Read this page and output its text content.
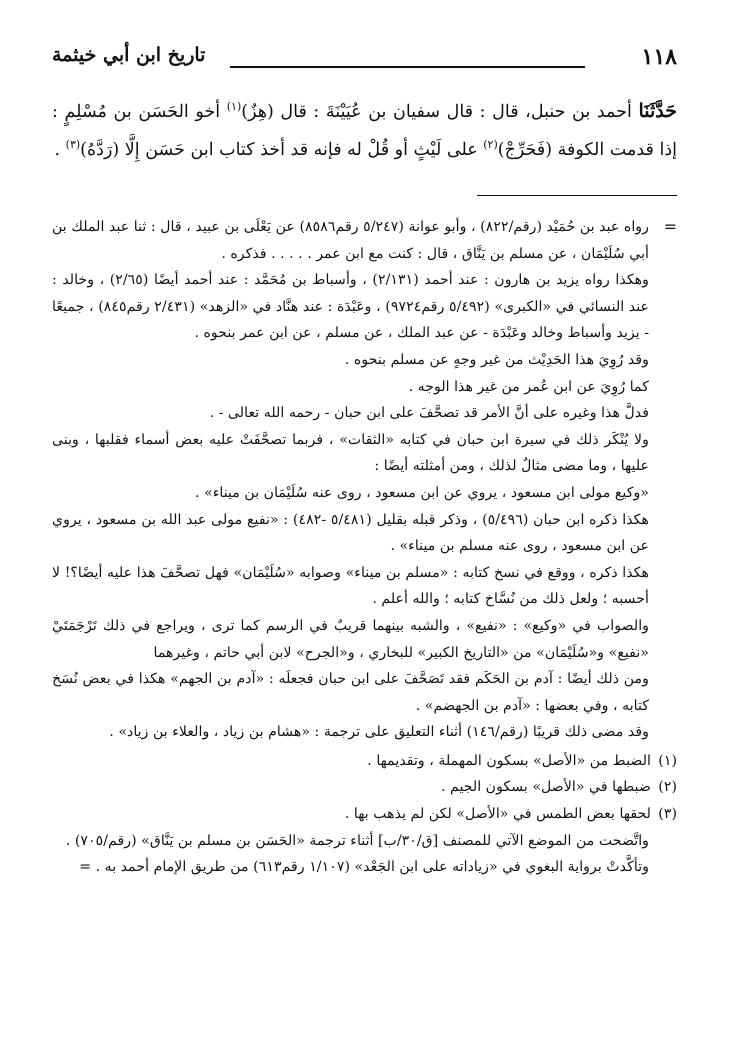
١١٨
تاريخ ابن أبي خيثمة
حَدَّثَنَا أحمد بن حنبل، قال : قال سفيان بن عُيَيْنَةَ : قال (هِزٌ)$^{(١)}$ أخو الحَسَن بن مُسْلِمٍ : إذا قدمت الكوفة (فَحَرِّجْ)$^{(٢)}$ على لَيْثٍ أو قُلْ له فإنه قد أخذ كتاب ابن حَسَن إِلَّا (رَدَّهُ)$^{(٣)}$ .
=

رواه عبد بن حُمَيْد (رقم/٨٢٢) ، وأبو عوانة (٥/٢٤٧ رقم٨٥٨٦) عن يَعْلَى بن عبيد ، قال : ثنا عبد الملك بن أبي سُلَيْمَان ، عن مسلم بن يَنَّاق ، قال : كنت مع ابن عمر . . . . . فذكره .

وهكذا رواه يزيد بن هارون : عند أحمد (٢/١٣١) ، وأسباط بن مُحَمَّد : عند أحمد أيضًا (٢/٦٥) ، وخالد : عند النسائي في «الكبرى» (٥/٤٩٢ رقم٩٧٢٤) ، وعَبْدَة : عند هنَّاد في «الزهد» (٢/٤٣١ رقم٨٤٥) ، جميعًا - يزيد وأسباط وخالد وعَبْدَة - عن عبد الملك ، عن مسلم ، عن ابن عمر بنحوه .

وقد رُوِيَ هذا الحَدِيْث من غير وجهٍ عن مسلم بنحوه .

كما رُوِيَ عن ابن عُمر من غير هذا الوجه .

فدلَّ هذا وغيره على أنَّ الأمر قد تصحَّفَ على ابن حبان - رحمه الله تعالى - .

ولا يُنْكَر ذلك في سيرة ابن حبان في كتابه «الثقات» ، فربما تصحَّفَتْ عليه بعض أسماء فقلبها ، وبنى عليها ، وما مضى مثالٌ لذلك ، ومن أمثلته أيضًا :

«وكيع مولى ابن مسعود ، يروي عن ابن مسعود ، روى عنه سُلَيْمَان بن ميناء» .

هكذا ذكره ابن حبان (٥/٤٩٦) ، وذكر قبله بقليل (٥/٤٨١ -٤٨٢) : «نفيع مولى عبد الله بن مسعود ، يروي عن ابن مسعود ، روى عنه مسلم بن ميناء» .

هكذا ذكره ، ووقع في نسخ كتابه : «مسلم بن ميناء» وصوابه «سُلَيْمَان» فهل تصحَّفَ هذا عليه أيضًا؟! لا أحسبه ؛ ولعل ذلك من نُسَّاخ كتابه ؛ والله أعلم .

والصواب في «وكيع» : «نفيع» ، والشبه بينهما قريبٌ في الرسم كما ترى ، ويراجع في ذلك تَرْجَمَتَيْ «نفيع» و«سُلَيْمَان» من «التاريخ الكبير» للبخاري ، و«الجرح» لابن أبي حاتم ، وغيرهما

ومن ذلك أيضًا : آدم بن الحَكَم فقد تَصَحَّفَ على ابن حبان فجعلَه : «آدم بن الجهم» هكذا في بعض نُسَخ كتابه ، وفي بعضها : «آدم بن الجهضم» .

وقد مضى ذلك قريبًا (رقم/١٤٦) أثناء التعليق على ترجمة : «هشام بن زياد ، والعلاء بن زياد» .

(١)الضبط من «الأصل» بسكون المهملة ، وتقديمها .

(٢)ضبطها في «الأصل» بسكون الجيم .

(٣)لحقها بعض الطمس في «الأصل» لكن لم يذهب بها .

واتَّضحت من الموضع الآتي للمصنف [ق/٣٠/ب] أثناء ترجمة «الحَسَن بن مسلم بن يَنَّاق» (رقم/٧٠٥) .

وتأكَّدتْ برواية البغوي في «زياداته على ابن الجَعْد» (١/١٠٧ رقم٦١٣) من طريق الإمام أحمد به . =
